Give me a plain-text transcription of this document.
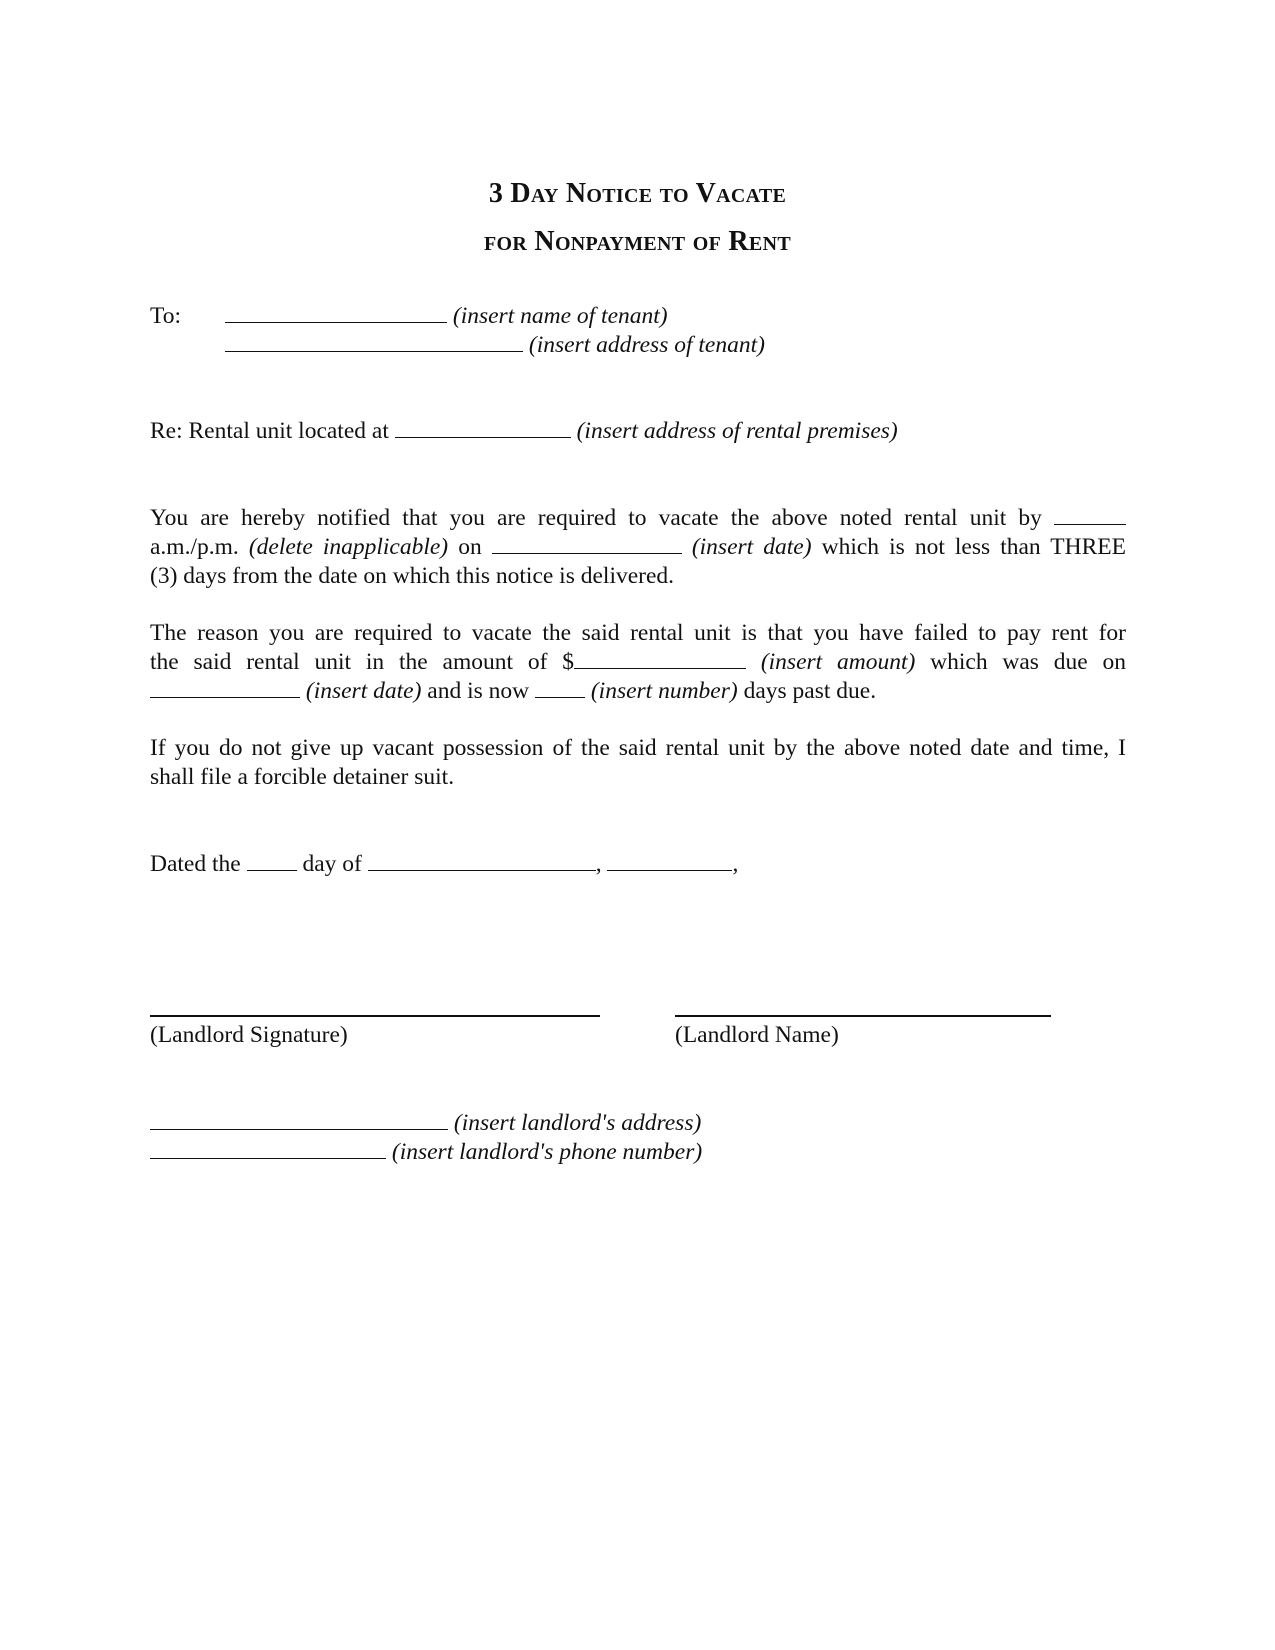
3 Day Notice to Vacate
for Nonpayment of Rent
To:	(insert name of tenant)
(insert address of tenant)
Re: Rental unit located at	(insert address of rental premises)
You are hereby notified that you are required to vacate the above noted rental unit by
a.m./p.m. (delete inapplicable) on	(insert date) which is not less than THREE
(3) days from the date on which this notice is delivered.
The reason you are required to vacate the said rental unit is that you have failed to pay rent for
the said rental unit in the amount of $	(insert amount) which was due on
(insert date) and is now	(insert number) days past due.
If you do not give up vacant possession of the said rental unit by the above noted date and time, I
shall file a forcible detainer suit.
Dated the	day of	,	,
(Landlord Signature)	(Landlord Name)
(insert landlord's address)
(insert landlord's phone number)
